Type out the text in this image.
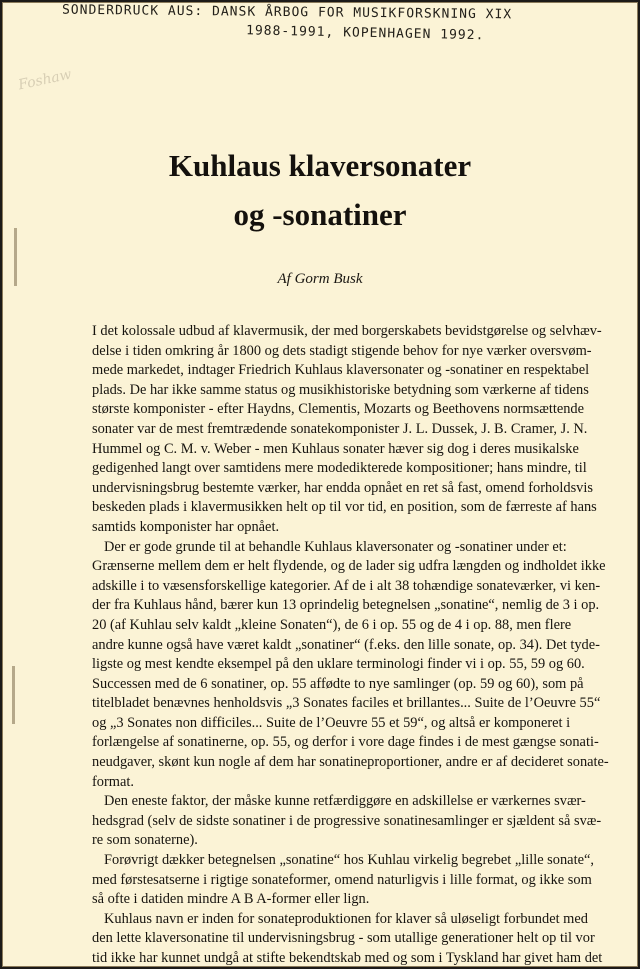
SONDERDRUCK AUS: DANSK ÅRBOG FOR MUSIKFORSKNING XIX
1988-1991, KOPENHAGEN 1992.
Foshaw
Kuhlaus klaversonater
og -sonatiner
Af Gorm Busk

I det kolossale udbud af klavermusik, der med borgerskabets bevidstgørelse og selvhæv-
delse i tiden omkring år 1800 og dets stadigt stigende behov for nye værker oversvøm-
mede markedet, indtager Friedrich Kuhlaus klaversonater og -sonatiner en respektabel
plads. De har ikke samme status og musikhistoriske betydning som værkerne af tidens
største komponister - efter Haydns, Clementis, Mozarts og Beethovens normsættende
sonater var de mest fremtrædende sonatekomponister J. L. Dussek, J. B. Cramer, J. N.
Hummel og C. M. v. Weber - men Kuhlaus sonater hæver sig dog i deres musikalske
gedigenhed langt over samtidens mere modedikterede kompositioner; hans mindre, til
undervisningsbrug bestemte værker, har endda opnået en ret så fast, omend forholdsvis
beskeden plads i klavermusikken helt op til vor tid, en position, som de færreste af hans
samtids komponister har opnået.

Der er gode grunde til at behandle Kuhlaus klaversonater og -sonatiner under et:
Grænserne mellem dem er helt flydende, og de lader sig udfra længden og indholdet ikke
adskille i to væsensforskellige kategorier. Af de i alt 38 tohændige sonateværker, vi ken-
der fra Kuhlaus hånd, bærer kun 13 oprindelig betegnelsen „sonatine“, nemlig de 3 i op.
20 (af Kuhlau selv kaldt „kleine Sonaten“), de 6 i op. 55 og de 4 i op. 88, men flere
andre kunne også have været kaldt „sonatiner“ (f.eks. den lille sonate, op. 34). Det tyde-
ligste og mest kendte eksempel på den uklare terminologi finder vi i op. 55, 59 og 60.
Successen med de 6 sonatiner, op. 55 affødte to nye samlinger (op. 59 og 60), som på
titelbladet benævnes henholdsvis „3 Sonates faciles et brillantes... Suite de l’Oeuvre 55“
og „3 Sonates non difficiles... Suite de l’Oeuvre 55 et 59“, og altså er komponeret i
forlængelse af sonatinerne, op. 55, og derfor i vore dage findes i de mest gængse sonati-
neudgaver, skønt kun nogle af dem har sonatineproportioner, andre er af decideret sonate-
format.

Den eneste faktor, der måske kunne retfærdiggøre en adskillelse er værkernes svær-
hedsgrad (selv de sidste sonatiner i de progressive sonatinesamlinger er sjældent så svæ-
re som sonaterne).

Forøvrigt dækker betegnelsen „sonatine“ hos Kuhlau virkelig begrebet „lille sonate“,
med førstesatserne i rigtige sonateformer, omend naturligvis i lille format, og ikke som
så ofte i datiden mindre A B A-former eller lign.

Kuhlaus navn er inden for sonateproduktionen for klaver så uløseligt forbundet med
den lette klaversonatine til undervisningsbrug - som utallige generationer helt op til vor
tid ikke har kunnet undgå at stifte bekendtskab med og som i Tyskland har givet ham det
